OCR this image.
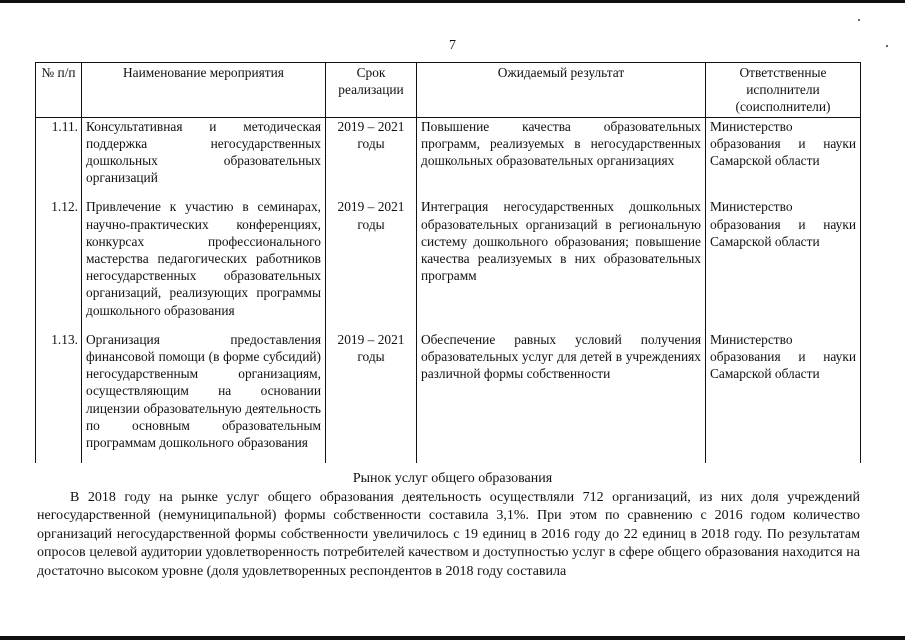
7
№ п/п	Наименование мероприятия	Срок реализации	Ожидаемый результат	Ответственные исполнители (соисполнители)
1.11.	Консультативная и методическая поддержка негосударственных дошкольных образовательных организаций	2019 – 2021 годы	Повышение качества образовательных программ, реализуемых в негосударственных дошкольных образовательных организациях	Министерство образования и науки Самарской области
1.12.	Привлечение к участию в семинарах, научно-практических конференциях, конкурсах профессионального мастерства педагогических работников негосударственных образовательных организаций, реализующих программы дошкольного образования	2019 – 2021 годы	Интеграция негосударственных дошкольных образовательных организаций в региональную систему дошкольного образования; повышение качества реализуемых в них образовательных программ	Министерство образования и науки Самарской области
1.13.	Организация предоставления финансовой помощи (в форме субсидий) негосударственным организациям, осуществляющим на основании лицензии образовательную деятельность по основным образовательным программам дошкольного образования	2019 – 2021 годы	Обеспечение равных условий получения образовательных услуг для детей в учреждениях различной формы собственности	Министерство образования и науки Самарской области
Рынок услуг общего образования
В 2018 году на рынке услуг общего образования деятельность осуществляли 712 организаций, из них доля учреждений негосударственной (немуниципальной) формы собственности составила 3,1%. При этом по сравнению с 2016 годом количество организаций негосударственной формы собственности увеличилось с 19 единиц в 2016 году до 22 единиц в 2018 году. По результатам опросов целевой аудитории удовлетворенность потребителей качеством и доступностью услуг в сфере общего образования находится на достаточно высоком уровне (доля удовлетворенных респондентов в 2018 году составила
